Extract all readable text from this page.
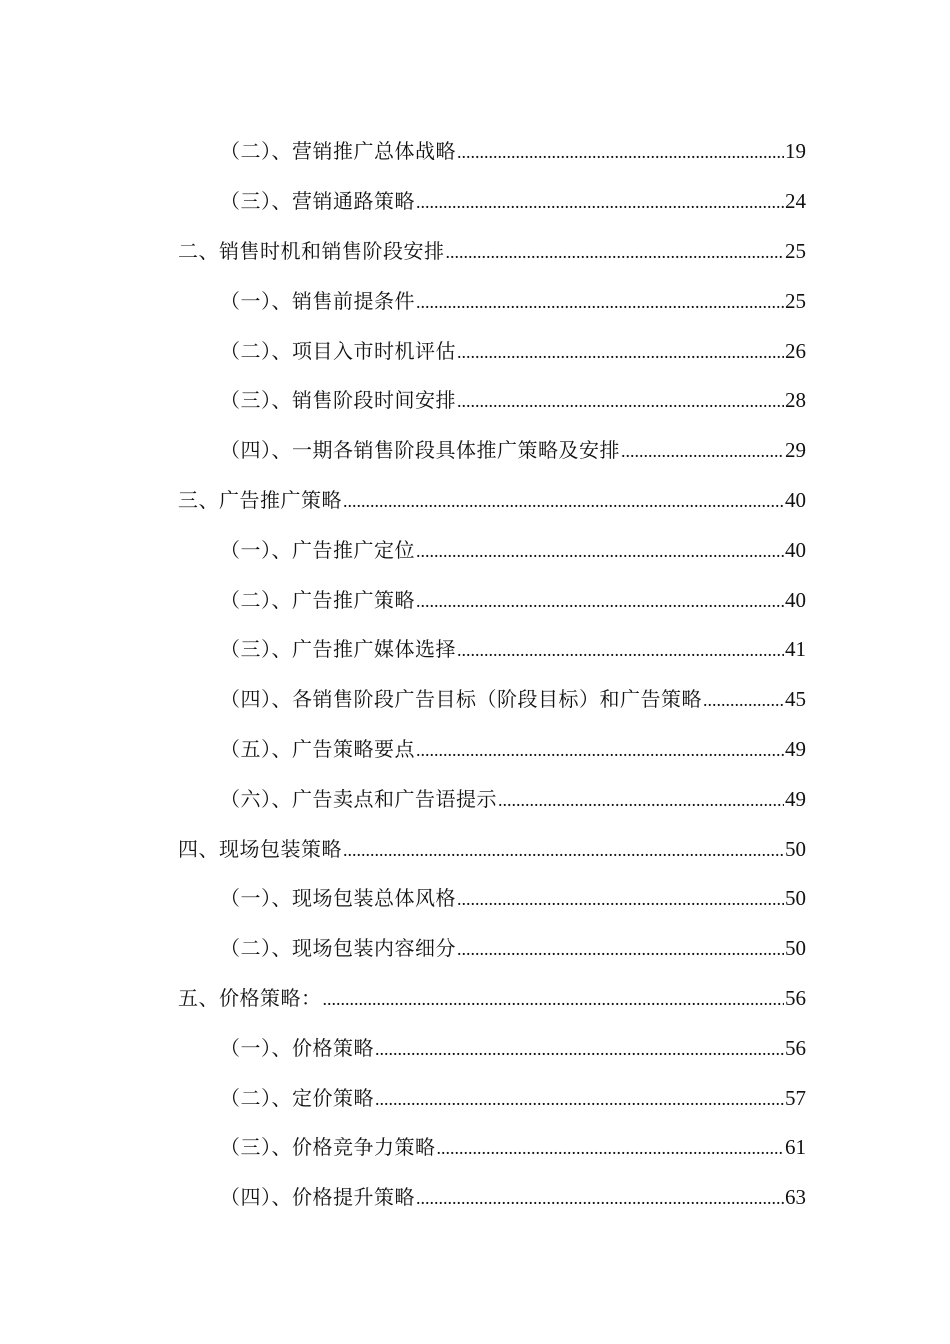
（二）、营销推广总体战略 .....	19
（三）、营销通路策略 .....	24
二、销售时机和销售阶段安排 .....	25
（一）、销售前提条件 .....	25
（二）、项目入市时机评估 .....	26
（三）、销售阶段时间安排 .....	28
（四）、一期各销售阶段具体推广策略及安排 .....	29
三、广告推广策略 .....	40
（一）、广告推广定位 .....	40
（二）、广告推广策略 .....	40
（三）、广告推广媒体选择 .....	41
（四）、各销售阶段广告目标（阶段目标）和广告策略 .....	45
（五）、广告策略要点 .....	49
（六）、广告卖点和广告语提示 .....	49
四、现场包装策略 .....	50
（一）、现场包装总体风格 .....	50
（二）、现场包装内容细分 .....	50
五、价格策略： .....	56
（一）、价格策略 .....	56
（二）、定价策略 .....	57
（三）、价格竞争力策略 .....	61
（四）、价格提升策略 .....	63
